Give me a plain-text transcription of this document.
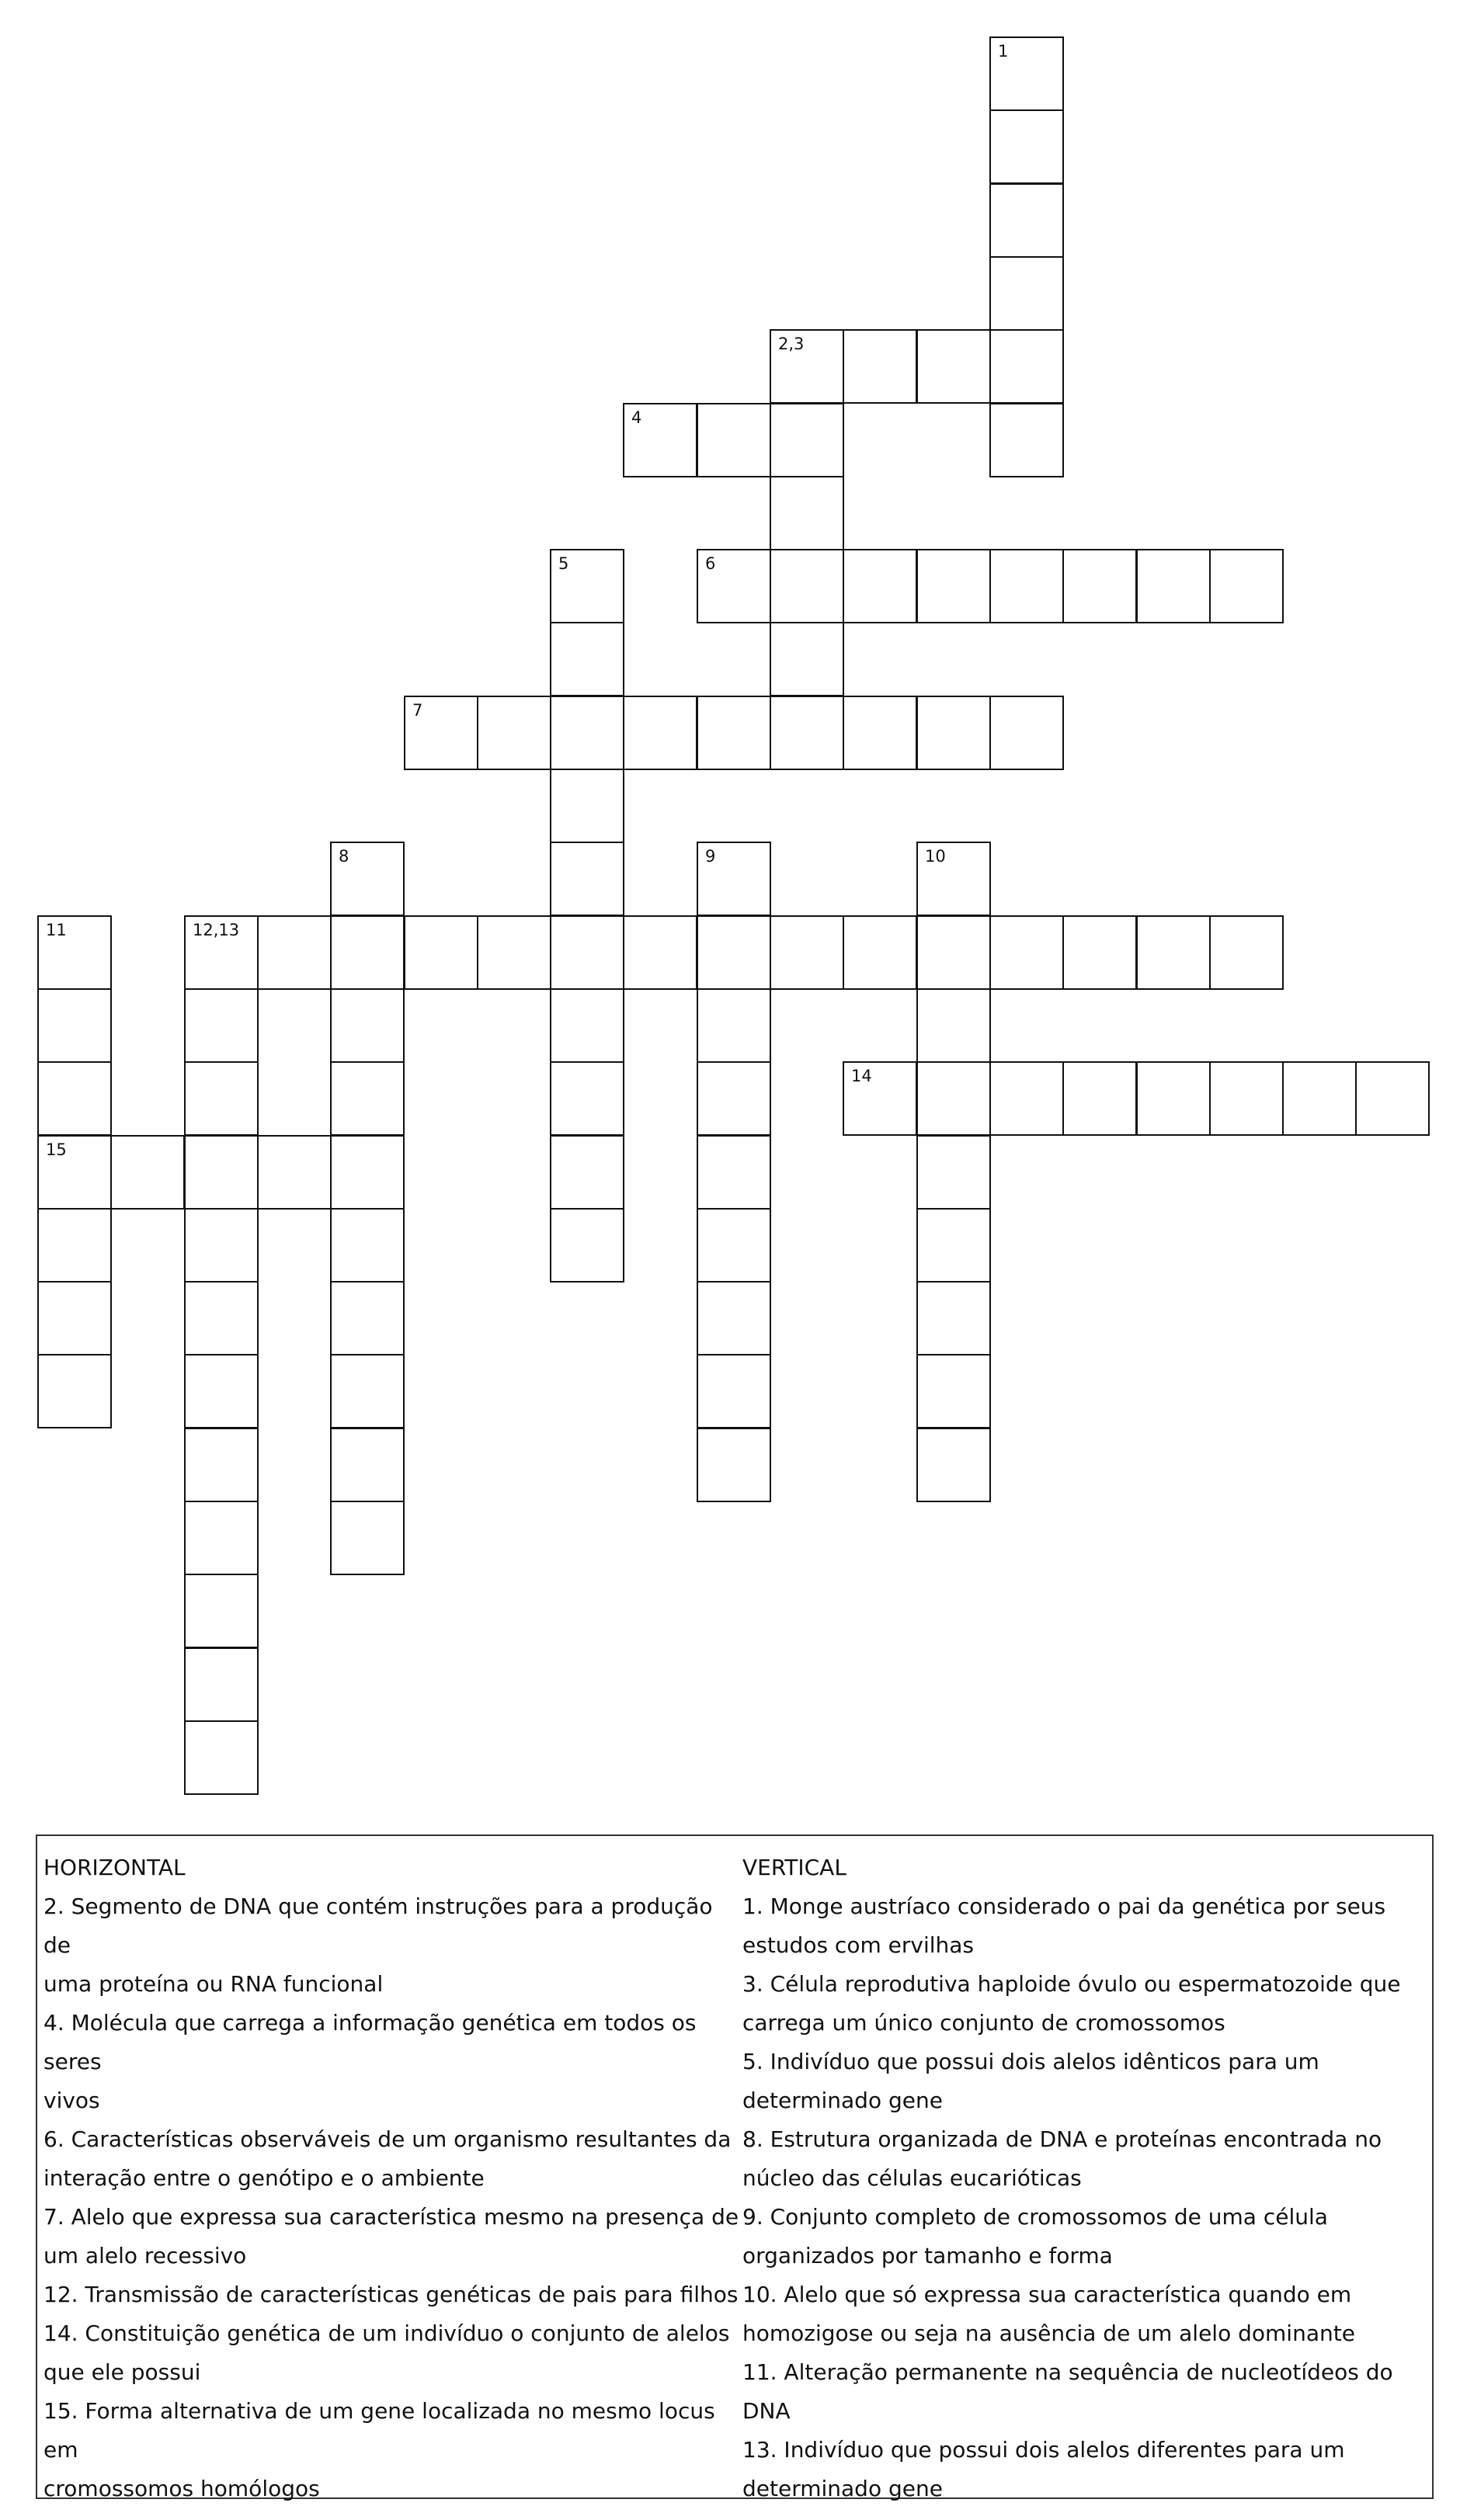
1
2,3
4
5	6
7
8	9	10
11
15
12,13
14
HORIZONTAL
2. Segmento de DNA que contém instruções para a produção de
uma proteína ou RNA funcional
4. Molécula que carrega a informação genética em todos os seres
vivos
6. Características observáveis de um organismo resultantes da
interação entre o genótipo e o ambiente
7. Alelo que expressa sua característica mesmo na presença de
um alelo recessivo
12. Transmissão de características genéticas de pais para filhos
14. Constituição genética de um indivíduo o conjunto de alelos
que ele possui
15. Forma alternativa de um gene localizada no mesmo locus em
cromossomos homólogos
VERTICAL
1. Monge austríaco considerado o pai da genética por seus
estudos com ervilhas
3. Célula reprodutiva haploide óvulo ou espermatozoide que
carrega um único conjunto de cromossomos
5. Indivíduo que possui dois alelos idênticos para um
determinado gene
8. Estrutura organizada de DNA e proteínas encontrada no
núcleo das células eucarióticas
9. Conjunto completo de cromossomos de uma célula
organizados por tamanho e forma
10. Alelo que só expressa sua característica quando em
homozigose ou seja na ausência de um alelo dominante
11. Alteração permanente na sequência de nucleotídeos do DNA
13. Indivíduo que possui dois alelos diferentes para um
determinado gene
